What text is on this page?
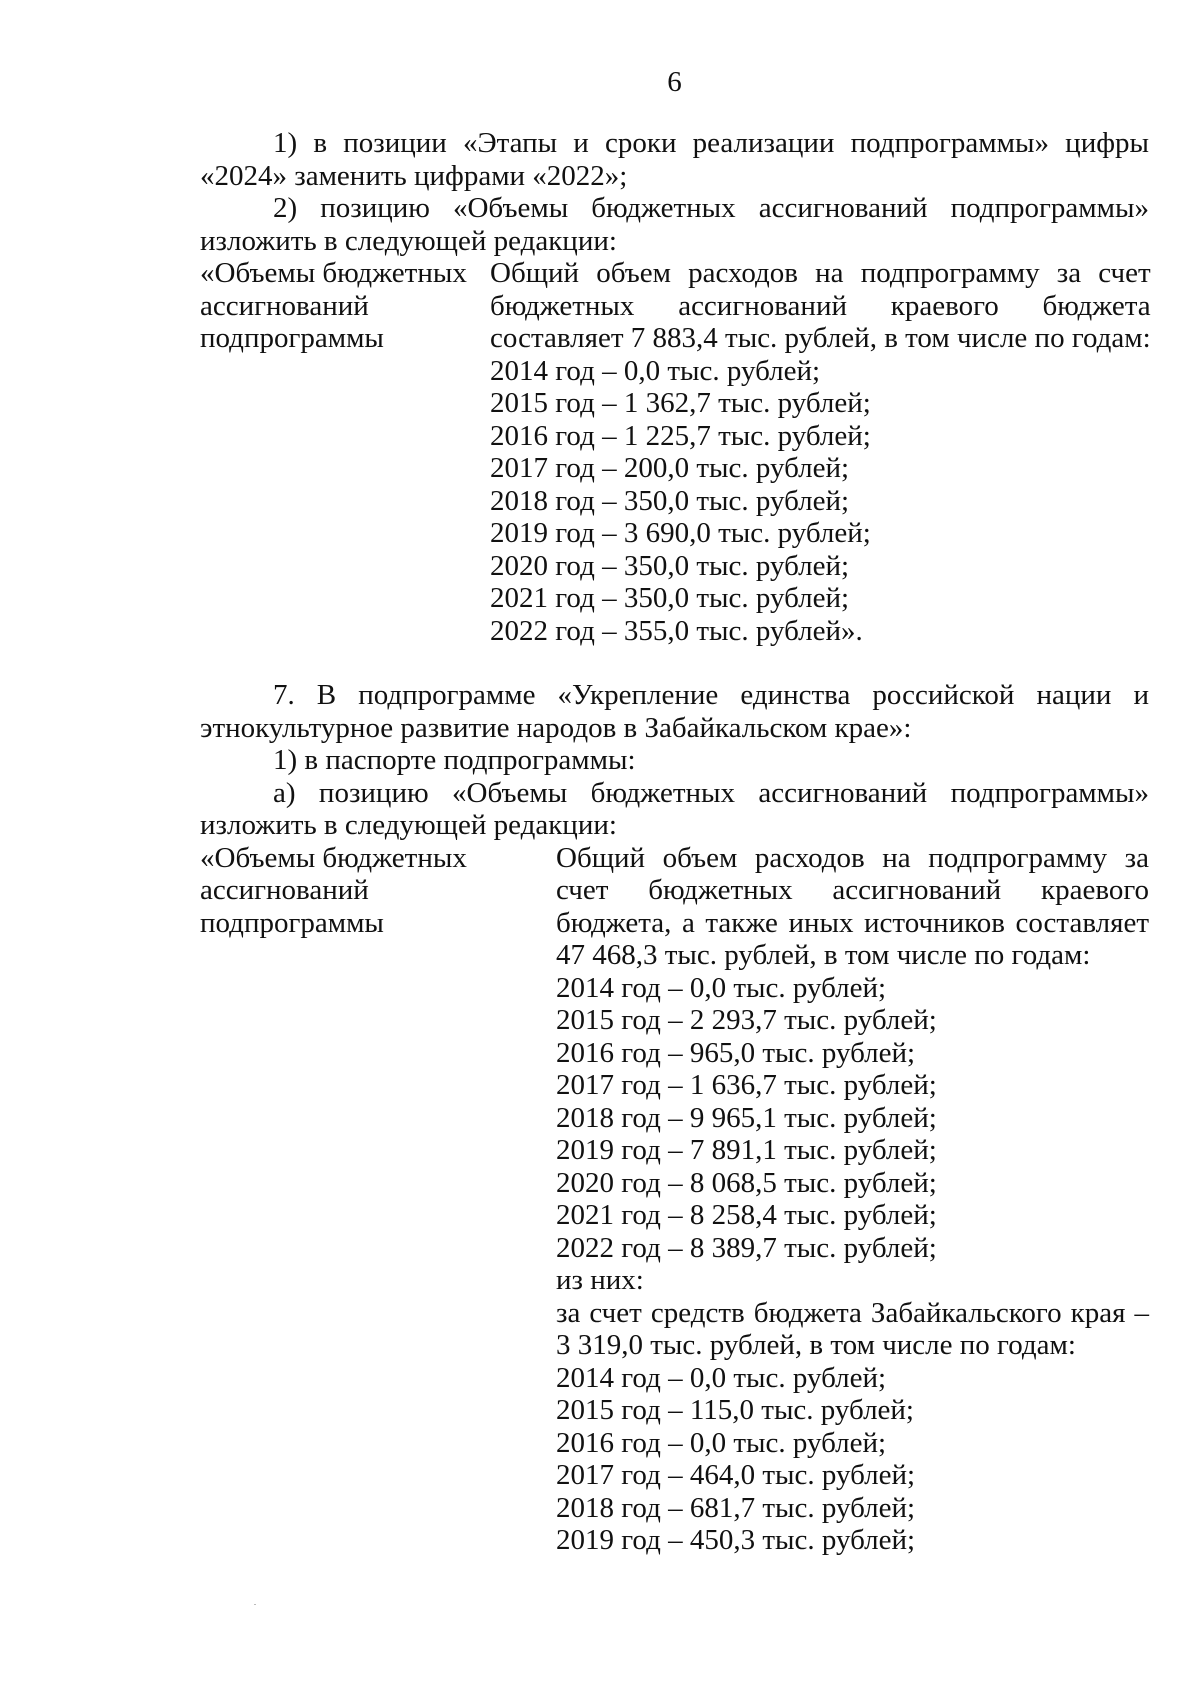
6

1) в позиции «Этапы и сроки реализации подпрограммы» цифры

«2024» заменить цифрами «2022»;

2) позицию «Объемы бюджетных ассигнований подпрограммы»

изложить в следующей редакции:

«Объемы бюджетных
ассигнований
подпрограммы

Общий объем расходов на подпрограмму за счет

бюджетных ассигнований краевого бюджета

составляет 7 883,4 тыс. рублей, в том числе по годам:

2014 год – 0,0 тыс. рублей;

2015 год – 1 362,7 тыс. рублей;

2016 год – 1 225,7 тыс. рублей;

2017 год – 200,0 тыс. рублей;

2018 год – 350,0 тыс. рублей;

2019 год – 3 690,0 тыс. рублей;

2020 год – 350,0 тыс. рублей;

2021 год – 350,0 тыс. рублей;

2022 год – 355,0 тыс. рублей».

7. В подпрограмме «Укрепление единства российской нации и

этнокультурное развитие народов в Забайкальском крае»:

1) в паспорте подпрограммы:

а) позицию «Объемы бюджетных ассигнований подпрограммы»

изложить в следующей редакции:

«Объемы бюджетных
ассигнований
подпрограммы

Общий объем расходов на подпрограмму за

счет бюджетных ассигнований краевого

бюджета, а также иных источников составляет

47 468,3 тыс. рублей, в том числе по годам:

2014 год – 0,0 тыс. рублей;

2015 год – 2 293,7 тыс. рублей;

2016 год – 965,0 тыс. рублей;

2017 год – 1 636,7 тыс. рублей;

2018 год – 9 965,1 тыс. рублей;

2019 год – 7 891,1 тыс. рублей;

2020 год – 8 068,5 тыс. рублей;

2021 год – 8 258,4 тыс. рублей;

2022 год – 8 389,7 тыс. рублей;

из них:

за счет средств бюджета Забайкальского края –

3 319,0 тыс. рублей, в том числе по годам:

2014 год – 0,0 тыс. рублей;

2015 год – 115,0 тыс. рублей;

2016 год – 0,0 тыс. рублей;

2017 год – 464,0 тыс. рублей;

2018 год – 681,7 тыс. рублей;

2019 год – 450,3 тыс. рублей;
